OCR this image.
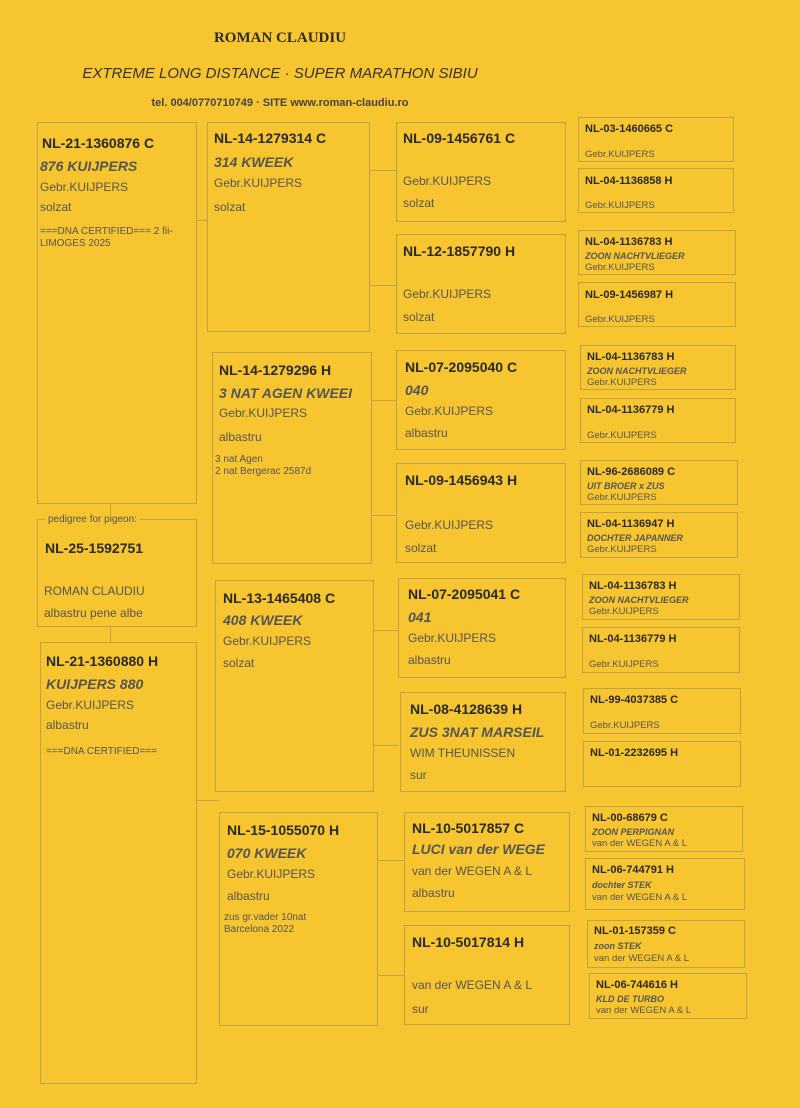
ROMAN CLAUDIU
EXTREME LONG DISTANCE · SUPER MARATHON SIBIU
tel. 004/0770710749 · SITE www.roman-claudiu.ro
NL-21-1360876 C
876 KUIJPERS
Gebr.KUIJPERS
solzat
===DNA CERTIFIED=== 2 fii-LIMOGES 2025
pedigree for pigeon:
NL-25-1592751
ROMAN CLAUDIU
albastru pene albe
NL-21-1360880 H
KUIJPERS 880
Gebr.KUIJPERS
albastru
===DNA CERTIFIED===
NL-14-1279314 C
314 KWEEK
Gebr.KUIJPERS
solzat
NL-14-1279296 H
3 NAT AGEN KWEEI
Gebr.KUIJPERS
albastru
3 nat Agen
2 nat Bergerac 2587d
NL-13-1465408 C
408 KWEEK
Gebr.KUIJPERS
solzat
NL-15-1055070 H
070 KWEEK
Gebr.KUIJPERS
albastru
zus gr.vader 10nat
Barcelona 2022
NL-09-1456761 C
Gebr.KUIJPERS
solzat
NL-12-1857790 H
Gebr.KUIJPERS
solzat
NL-07-2095040 C
040
Gebr.KUIJPERS
albastru
NL-09-1456943 H
Gebr.KUIJPERS
solzat
NL-07-2095041 C
041
Gebr.KUIJPERS
albastru
NL-08-4128639 H
ZUS 3NAT MARSEIL
WIM THEUNISSEN
sur
NL-10-5017857 C
LUCI van der WEGE
van der WEGEN A & L
albastru
NL-10-5017814 H
van der WEGEN A & L
sur
NL-03-1460665 C
Gebr.KUIJPERS
NL-04-1136858 H
Gebr.KUIJPERS
NL-04-1136783 H
ZOON NACHTVLIEGER
Gebr.KUIJPERS
NL-09-1456987 H
Gebr.KUIJPERS
NL-04-1136783 H
ZOON NACHTVLIEGER
Gebr.KUIJPERS
NL-04-1136779 H
Gebr.KUIJPERS
NL-96-2686089 C
UIT BROER x ZUS
Gebr.KUIJPERS
NL-04-1136947 H
DOCHTER JAPANNER
Gebr.KUIJPERS
NL-04-1136783 H
ZOON NACHTVLIEGER
Gebr.KUIJPERS
NL-04-1136779 H
Gebr.KUIJPERS
NL-99-4037385 C
Gebr.KUIJPERS
NL-01-2232695 H
NL-00-68679 C
ZOON PERPIGNAN
van der WEGEN A & L
NL-06-744791 H
dochter STEK
van der WEGEN A & L
NL-01-157359 C
zoon STEK
van der WEGEN A & L
NL-06-744616 H
KLD DE TURBO
van der WEGEN A & L
